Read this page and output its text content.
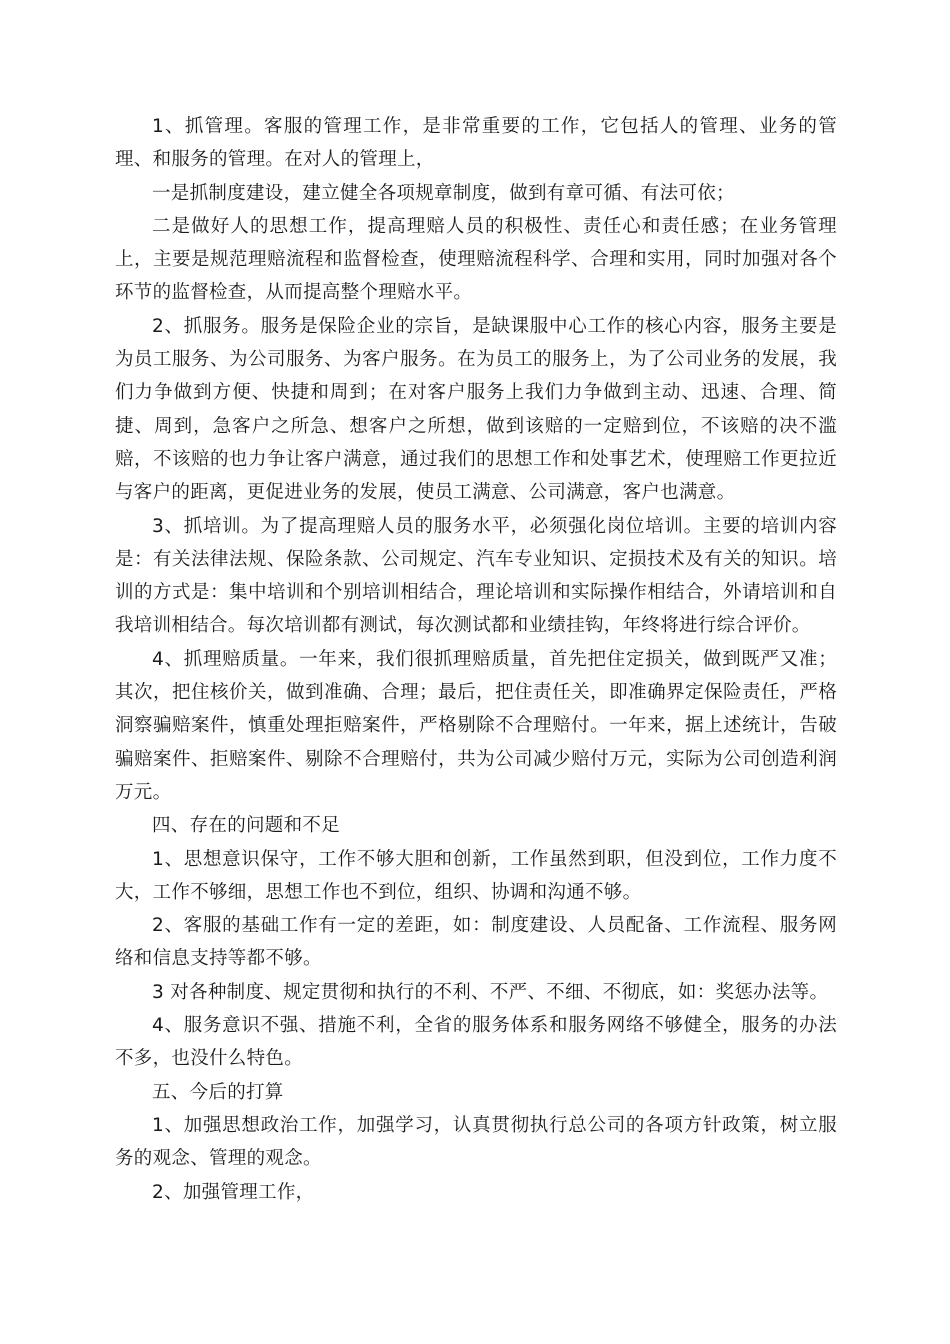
1、抓管理。客服的管理工作，是非常重要的工作，它包括人的管理、业务的管理、和服务的管理。在对人的管理上，

一是抓制度建设，建立健全各项规章制度，做到有章可循、有法可依；

二是做好人的思想工作，提高理赔人员的积极性、责任心和责任感；在业务管理上，主要是规范理赔流程和监督检查，使理赔流程科学、合理和实用，同时加强对各个环节的监督检查，从而提高整个理赔水平。

2、抓服务。服务是保险企业的宗旨，是缺课服中心工作的核心内容，服务主要是为员工服务、为公司服务、为客户服务。在为员工的服务上，为了公司业务的发展，我们力争做到方便、快捷和周到；在对客户服务上我们力争做到主动、迅速、合理、简捷、周到，急客户之所急、想客户之所想，做到该赔的一定赔到位，不该赔的决不滥赔，不该赔的也力争让客户满意，通过我们的思想工作和处事艺术，使理赔工作更拉近与客户的距离，更促进业务的发展，使员工满意、公司满意，客户也满意。

3、抓培训。为了提高理赔人员的服务水平，必须强化岗位培训。主要的培训内容是：有关法律法规、保险条款、公司规定、汽车专业知识、定损技术及有关的知识。培训的方式是：集中培训和个别培训相结合，理论培训和实际操作相结合，外请培训和自我培训相结合。每次培训都有测试，每次测试都和业绩挂钩，年终将进行综合评价。

4、抓理赔质量。一年来，我们很抓理赔质量，首先把住定损关，做到既严又准；其次，把住核价关，做到准确、合理；最后，把住责任关，即准确界定保险责任，严格洞察骗赔案件，慎重处理拒赔案件，严格剔除不合理赔付。一年来，据上述统计，告破骗赔案件、拒赔案件、剔除不合理赔付，共为公司减少赔付万元，实际为公司创造利润万元。

四、存在的问题和不足

1、思想意识保守，工作不够大胆和创新，工作虽然到职，但没到位，工作力度不大，工作不够细，思想工作也不到位，组织、协调和沟通不够。

2、客服的基础工作有一定的差距，如：制度建设、人员配备、工作流程、服务网络和信息支持等都不够。

3 对各种制度、规定贯彻和执行的不利、不严、不细、不彻底，如：奖惩办法等。

4、服务意识不强、措施不利，全省的服务体系和服务网络不够健全，服务的办法不多，也没什么特色。

五、今后的打算

1、加强思想政治工作，加强学习，认真贯彻执行总公司的各项方针政策，树立服务的观念、管理的观念。

2、加强管理工作，
